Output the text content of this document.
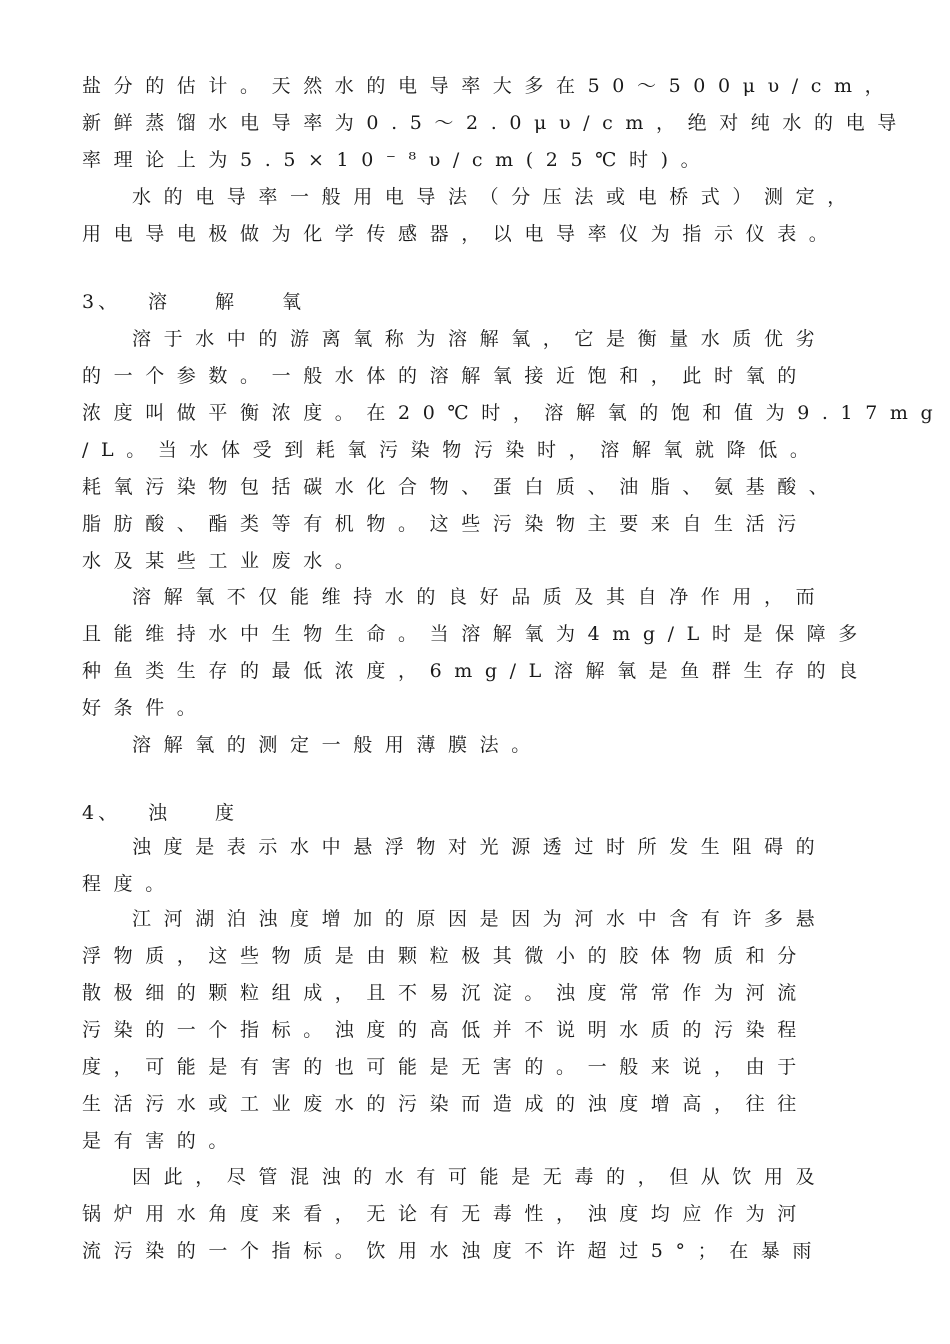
盐分的估计。天然水的电导率大多在50～500μυ/cm，
新鲜蒸馏水电导率为0.5～2.0μυ/cm，绝对纯水的电导
率理论上为5.5×10⁻⁸υ/cm(25℃时)。
水的电导率一般用电导法（分压法或电桥式）测定，
用电导电极做为化学传感器，以电导率仪为指示仪表。
3、 溶解氧
溶于水中的游离氧称为溶解氧，它是衡量水质优劣
的一个参数。一般水体的溶解氧接近饱和，此时氧的
浓度叫做平衡浓度。在20℃时，溶解氧的饱和值为9.17mg
/L。当水体受到耗氧污染物污染时，溶解氧就降低。
耗氧污染物包括碳水化合物、蛋白质、油脂、氨基酸、
脂肪酸、酯类等有机物。这些污染物主要来自生活污
水及某些工业废水。
溶解氧不仅能维持水的良好品质及其自净作用，而
且能维持水中生物生命。当溶解氧为4mg/L时是保障多
种鱼类生存的最低浓度，6mg/L溶解氧是鱼群生存的良
好条件。
溶解氧的测定一般用薄膜法。
4、 浊度
浊度是表示水中悬浮物对光源透过时所发生阻碍的
程度。
江河湖泊浊度增加的原因是因为河水中含有许多悬
浮物质，这些物质是由颗粒极其微小的胶体物质和分
散极细的颗粒组成，且不易沉淀。浊度常常作为河流
污染的一个指标。浊度的高低并不说明水质的污染程
度，可能是有害的也可能是无害的。一般来说，由于
生活污水或工业废水的污染而造成的浊度增高，往往
是有害的。
因此，尽管混浊的水有可能是无毒的，但从饮用及
锅炉用水角度来看，无论有无毒性，浊度均应作为河
流污染的一个指标。饮用水浊度不许超过5°；在暴雨
